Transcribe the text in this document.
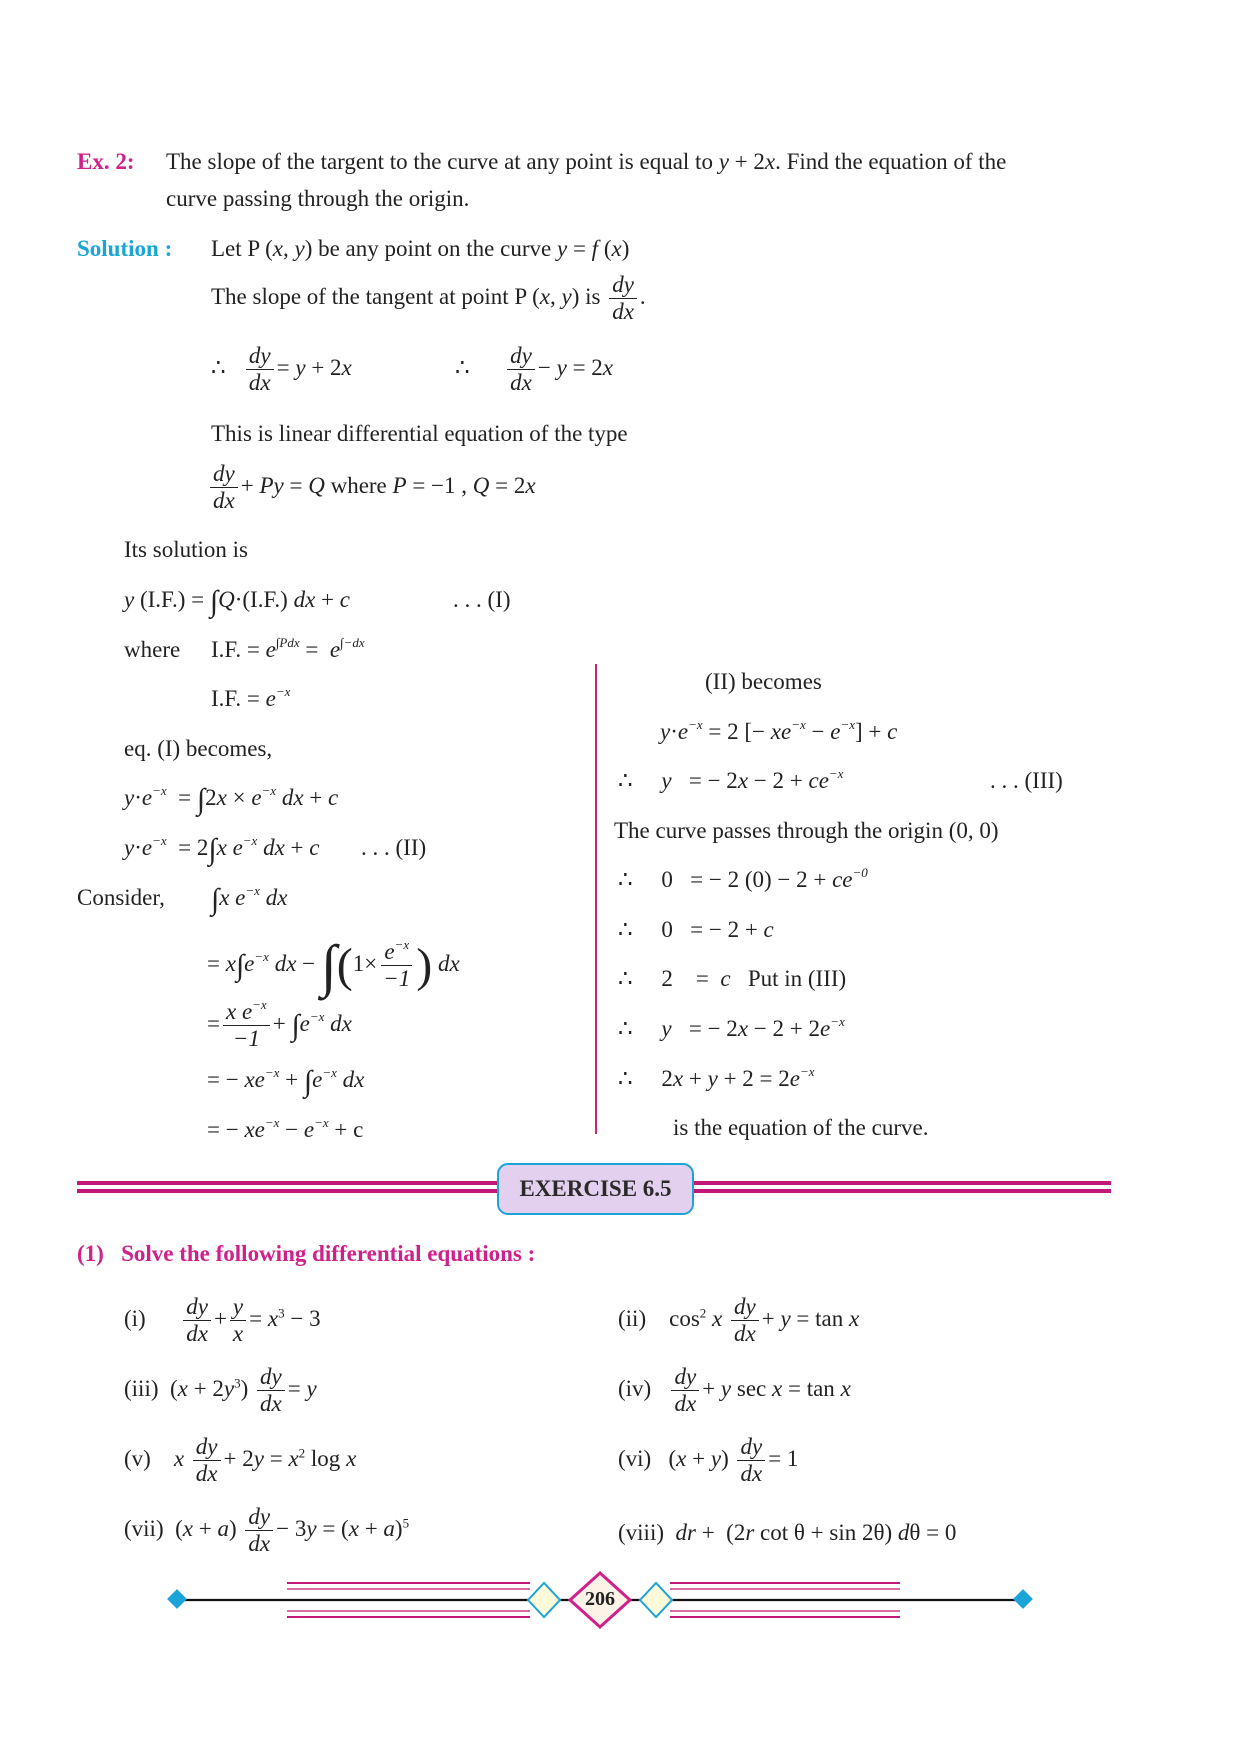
Ex. 2: The slope of the targent to the curve at any point is equal to y + 2x. Find the equation of the
curve passing through the origin.
Solution : Let P (x, y) be any point on the curve y = f (x)
The slope of the tangent at point P (x, y) is $\frac{dy}{dx}$ .
∴ $\frac{dy}{dx} = y + 2x$	∴ $\frac{dy}{dx} - y = 2x$
This is linear differential equation of the type
$\frac{dy}{dx} + Py = Q$ where P = −1 , Q = 2x
Its solution is
y (I.F.) = ∫Q·(I.F.) dx + c	. . . (I)
where I.F. = $e^{\int Pdx} = e^{\int-dx}$
I.F. = $e^{-x}$
eq. (I) becomes,
$y\cdot e^{-x} = \int 2x \times e^{-x}$ dx + c
$y\cdot e^{-x} = 2\int x$ $e^{-x}$ dx + c . . . (II)
Consider, ∫x $e^{-x}$ dx
= $x\int e^{-x}$ dx − $\int(1\times \frac{e^{-x}}{-1}$ ) dx
= $\frac{x e^{-x}}{-1} + \int e^{-x}$ dx
= − $xe^{-x} + \int e^{-x}$ dx
= − $xe^{-x} - e^{-x} + c$
(II) becomes
$y\cdot e^{-x} = 2$ [− $xe^{-x} - e^{-x}] + c$
∴     y   = − $2x - 2 + ce^{-x}$	. . . (III)
The curve passes through the origin (0, 0)
∴     0   = − 2 $(0) - 2 + ce^{-0}$
∴     0   = − 2 + c
∴     2    =  c Put in (III)
∴     y   = − $2x - 2 + 2e^{-x}$
∴     $2x + y + 2 = 2e^{-x}$
is the equation of the curve.
EXERCISE 6.5
(1) Solve the following differential equations :
$(i) \frac{dy}{dx} + \frac{y}{x} = x^3 - 3$	(ii)    $\cos^2 x \frac{dy}{dx} + y = \tan x$
(iii)  $(x + 2y^3) \frac{dy}{dx} = y$	$(iv) \frac{dy}{dx} + y$ sec x = tan x
(v) x $\frac{dy}{dx} + 2y = x^2$ log x	(vi)   $(x + y) \frac{dy}{dx} = 1$
(vii)  $(x + a) \frac{dy}{dx} - 3y = (x + a)^5$	(viii) dr +  (2r cot θ + sin 2θ) dθ = 0
206
